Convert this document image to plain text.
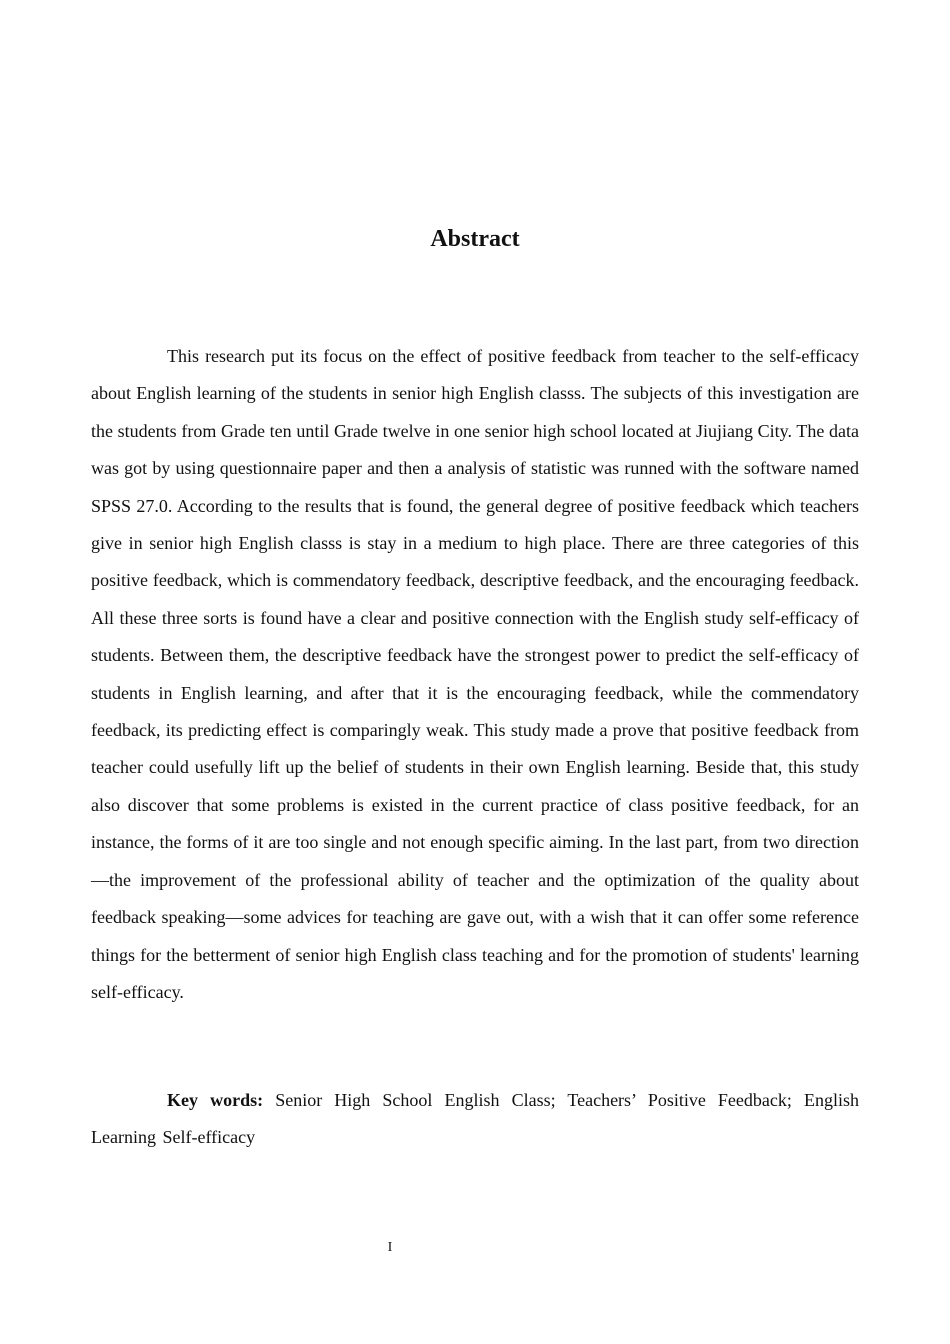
Abstract

This research put its focus on the effect of positive feedback from teacher to the self-efficacy about English learning of the students in senior high English classs. The subjects of this investigation are the students from Grade ten until Grade twelve in one senior high school located at Jiujiang City. The data was got by using questionnaire paper and then a analysis of statistic was runned with the software named SPSS 27.0. According to the results that is found, the general degree of positive feedback which teachers give in senior high English classs is stay in a medium to high place. There are three categories of this positive feedback, which is commendatory feedback, descriptive feedback, and the encouraging feedback. All these three sorts is found have a clear and positive connection with the English study self-efficacy of students. Between them, the descriptive feedback have the strongest power to predict the self-efficacy of students in English learning, and after that it is the encouraging feedback, while the commendatory feedback, its predicting effect is comparingly weak. This study made a prove that positive feedback from teacher could usefully lift up the belief of students in their own English learning. Beside that, this study also discover that some problems is existed in the current practice of class positive feedback, for an instance, the forms of it are too single and not enough specific aiming. In the last part, from two direction—the improvement of the professional ability of teacher and the optimization of the quality about feedback speaking—some advices for teaching are gave out, with a wish that it can offer some reference things for the betterment of senior high English class teaching and for the promotion of students' learning self-efficacy.

Key words: Senior High School English Class; Teachers’ Positive Feedback; English Learning Self-efficacy

I
